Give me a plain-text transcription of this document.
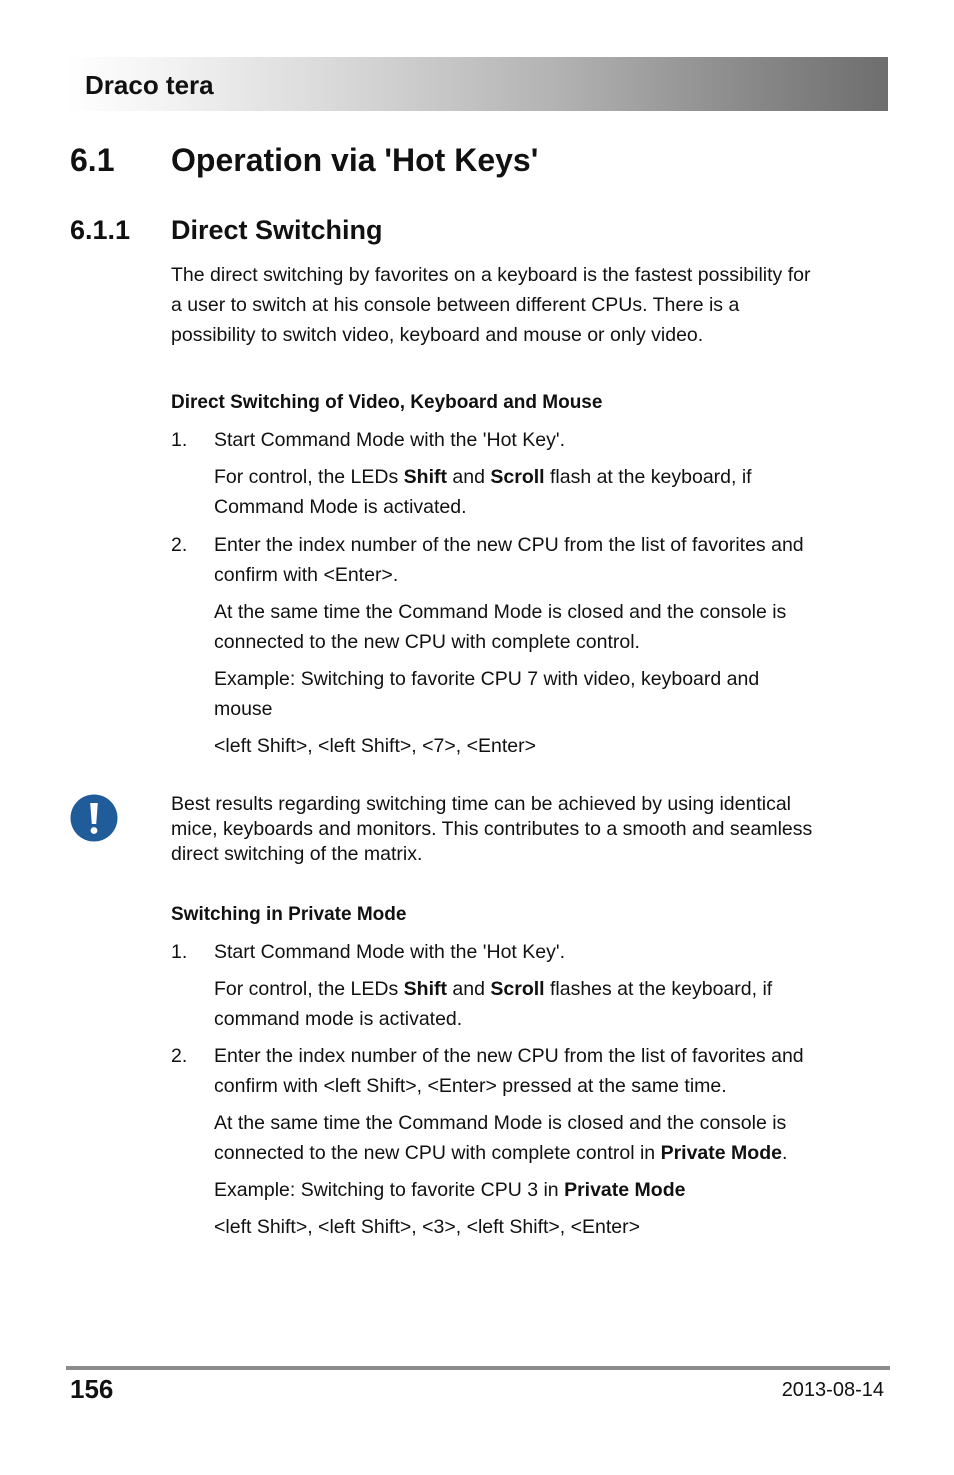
Draco tera
6.1 Operation via 'Hot Keys'
6.1.1 Direct Switching

The direct switching by favorites on a keyboard is the fastest possibility for

a user to switch at his console between different CPUs. There is a

possibility to switch video, keyboard and mouse or only video.

Direct Switching of Video, Keyboard and Mouse

1. Start Command Mode with the 'Hot Key'.

For control, the LEDs Shift and Scroll flash at the keyboard, if

Command Mode is activated.

2. Enter the index number of the new CPU from the list of favorites and

confirm with <Enter>.

At the same time the Command Mode is closed and the console is

connected to the new CPU with complete control.

Example: Switching to favorite CPU 7 with video, keyboard and

mouse

<left Shift>, <left Shift>, <7>, <Enter>

Best results regarding switching time can be achieved by using identical

mice, keyboards and monitors. This contributes to a smooth and seamless

direct switching of the matrix.

Switching in Private Mode

1. Start Command Mode with the 'Hot Key'.

For control, the LEDs Shift and Scroll flashes at the keyboard, if

command mode is activated.

2. Enter the index number of the new CPU from the list of favorites and

confirm with <left Shift>, <Enter> pressed at the same time.

At the same time the Command Mode is closed and the console is

connected to the new CPU with complete control in Private Mode.

Example: Switching to favorite CPU 3 in Private Mode

<left Shift>, <left Shift>, <3>, <left Shift>, <Enter>

156	2013-08-14
